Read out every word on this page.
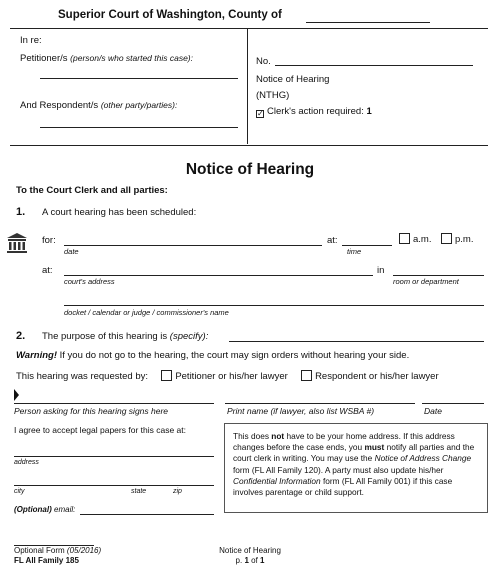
Superior Court of Washington, County of
In re:
Petitioner/s (person/s who started this case):
And Respondent/s (other party/parties):
No.
Notice of Hearing
(NTHG)
✓ Clerk's action required: 1
Notice of Hearing
To the Court Clerk and all parties:
1. A court hearing has been scheduled:
for:	at:	a.m.	p.m.
date	time
at:	in
court's address	room or department
docket / calendar or judge / commissioner's name
2. The purpose of this hearing is (specify):
Warning! If you do not go to the hearing, the court may sign orders without hearing your side.
This hearing was requested by:	Petitioner or his/her lawyer	Respondent or his/her lawyer
Person asking for this hearing signs here	Print name (if lawyer, also list WSBA #)	Date
I agree to accept legal papers for this case at:
address
city	state	zip
(Optional) email:
This does not have to be your home address. If this address changes before the case ends, you must notify all parties and the court clerk in writing. You may use the Notice of Address Change form (FL All Family 120). A party must also update his/her Confidential Information form (FL All Family 001) if this case involves parentage or child support.
Optional Form (05/2016)
FL All Family 185
Notice of Hearing
p. 1 of 1
